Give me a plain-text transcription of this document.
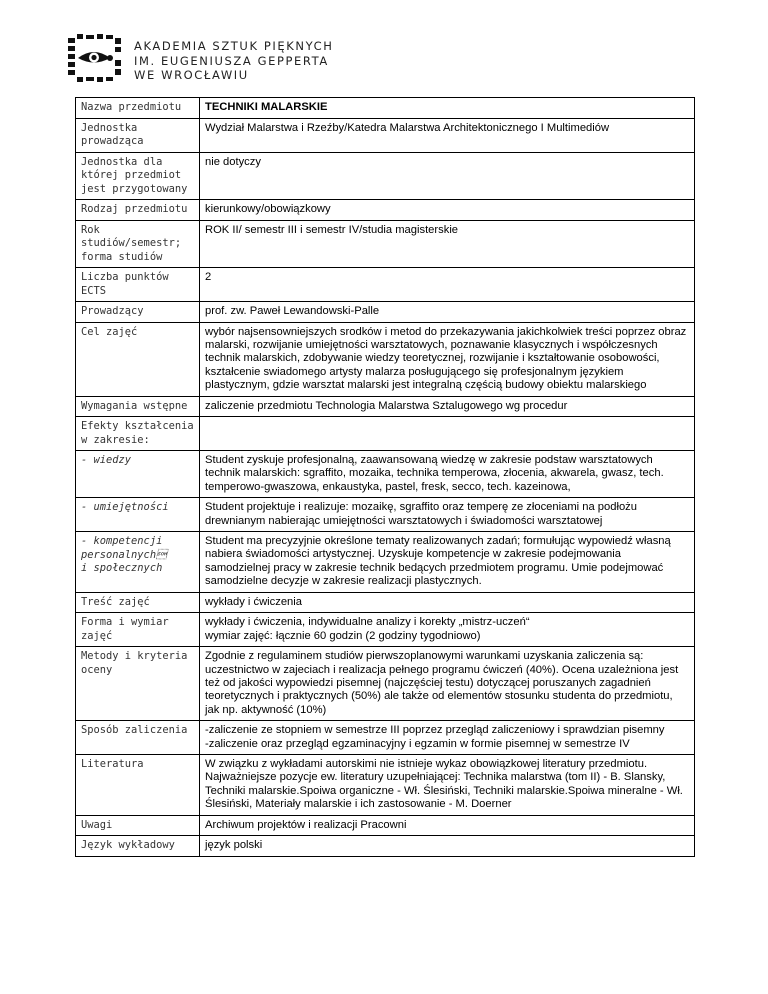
AKADEMIA SZTUK PIĘKNYCH
IM. EUGENIUSZA GEPPERTA
WE WROCŁAWIU
Nazwa przedmiotu	TECHNIKI MALARSKIE
Jednostka prowadząca	Wydział Malarstwa i Rzeźby/Katedra Malarstwa Architektonicznego I Multimediów
Jednostka dla której przedmiot jest przygotowany	nie dotyczy
Rodzaj przedmiotu	kierunkowy/obowiązkowy
Rok studiów/semestr; forma studiów	ROK II/ semestr III i semestr IV/studia magisterskie
Liczba punktów ECTS	2
Prowadzący	prof. zw. Paweł Lewandowski-Palle
Cel zajęć	wybór najsensowniejszych srodków i metod do przekazywania jakichkolwiek treści poprzez obraz malarski, rozwijanie umiejętności warsztatowych, poznawanie klasycznych i współczesnych technik malarskich, zdobywanie wiedzy teoretycznej, rozwijanie i kształtowanie osobowości, kształcenie swiadomego artysty malarza posługującego się profesjonalnym językiem plastycznym, gdzie warsztat malarski jest integralną częścią budowy obiektu malarskiego
Wymagania wstępne	zaliczenie przedmiotu Technologia Malarstwa Sztalugowego wg procedur
Efekty kształcenia w zakresie:	
- wiedzy	Student zyskuje profesjonalną, zaawansowaną wiedzę w zakresie podstaw warsztatowych technik malarskich: sgraffito, mozaika, technika temperowa, złocenia, akwarela, gwasz, tech. temperowo-gwaszowa, enkaustyka, pastel, fresk, secco, tech. kazeinowa,
- umiejętności	Student projektuje i realizuje: mozaikę, sgraffito oraz temperę ze złoceniami na podłożu drewnianym nabierając umiejętności warsztatowych i świadomości warsztatowej
- kompetencji personalnych
i społecznych	Student ma precyzyjnie określone tematy realizowanych zadań; formułując wypowiedź własną nabiera świadomości artystycznej. Uzyskuje kompetencje w zakresie podejmowania samodzielnej pracy w zakresie technik bedących przedmiotem programu. Umie podejmować samodzielne decyzje w zakresie realizacji plastycznych.
Treść zajęć	wykłady i ćwiczenia
Forma i wymiar zajęć	wykłady i ćwiczenia, indywidualne analizy i korekty „mistrz-uczeń“
wymiar zajęć: łącznie 60 godzin (2 godziny tygodniowo)
Metody i kryteria oceny	Zgodnie z regulaminem studiów pierwszoplanowymi warunkami uzyskania zaliczenia są: uczestnictwo w zajeciach i realizacja pełnego programu ćwiczeń (40%). Ocena uzależniona jest też od jakości wypowiedzi pisemnej (najczęściej testu) dotyczącej poruszanych zagadnień teoretycznych i praktycznych (50%) ale także od elementów stosunku studenta do przedmiotu, jak np. aktywność (10%)
Sposób zaliczenia	-zaliczenie ze stopniem w semestrze III poprzez przegląd zaliczeniowy i sprawdzian pisemny
-zaliczenie oraz przegląd egzaminacyjny i egzamin w formie pisemnej w semestrze IV
Literatura	W związku z wykładami autorskimi nie istnieje wykaz obowiązkowej literatury przedmiotu. Najważniejsze pozycje ew. literatury uzupełniającej: Technika malarstwa (tom II) - B. Slansky, Techniki malarskie.Spoiwa organiczne - Wł. Ślesiński, Techniki malarskie.Spoiwa mineralne - Wł. Ślesiński, Materiały malarskie i ich zastosowanie - M. Doerner
Uwagi	Archiwum projektów i realizacji Pracowni
Język wykładowy	język polski
